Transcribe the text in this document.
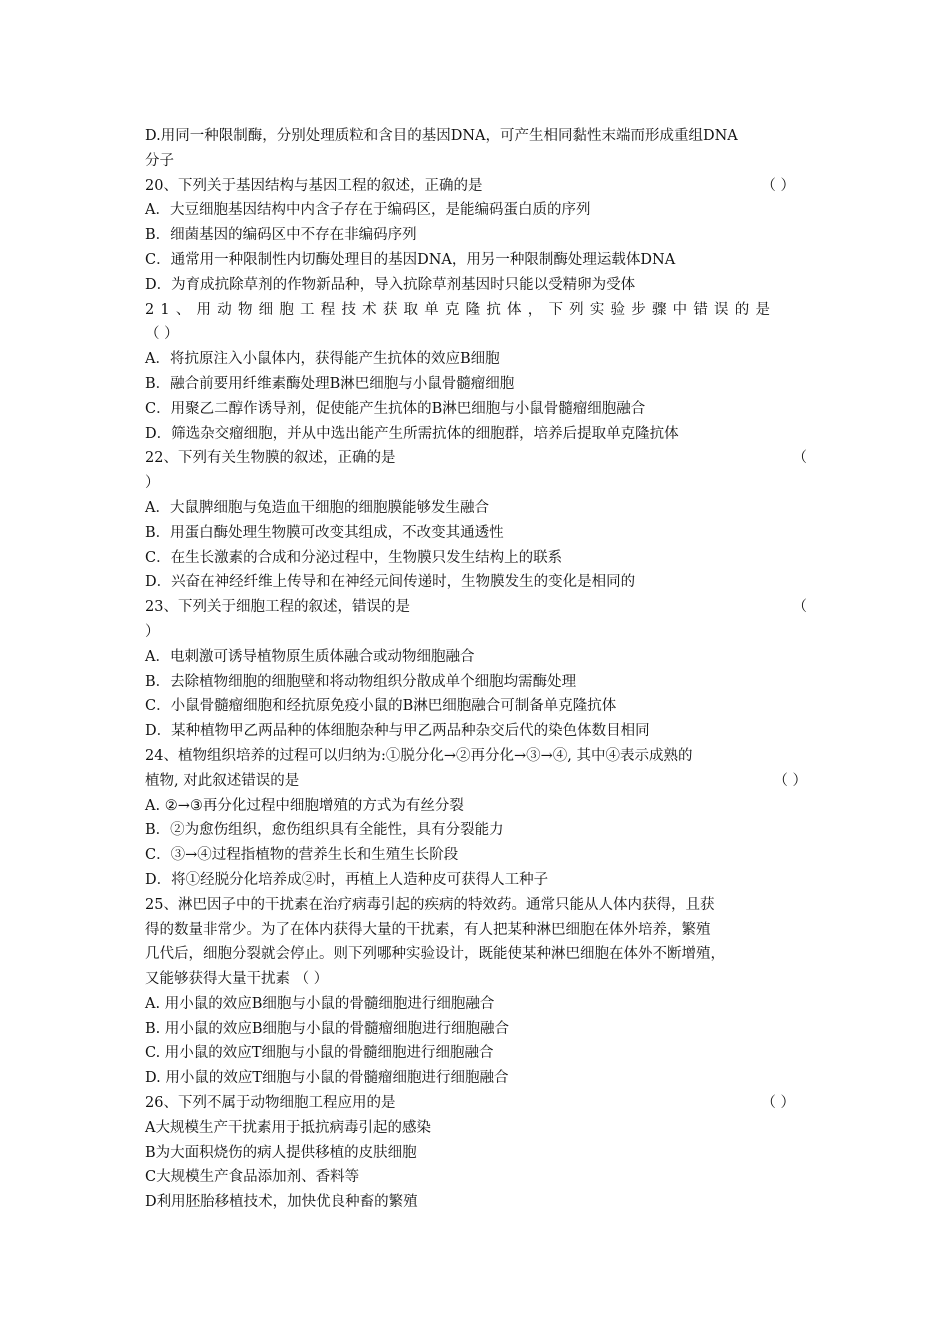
D.用同一种限制酶，分别处理质粒和含目的基因DNA，可产生相同黏性末端而形成重组DNA
分子
20、下列关于基因结构与基因工程的叙述，正确的是	（ ）
A．大豆细胞基因结构中内含子存在于编码区，是能编码蛋白质的序列
B．细菌基因的编码区中不存在非编码序列
C．通常用一种限制性内切酶处理目的基因DNA，用另一种限制酶处理运载体DNA
D．为育成抗除草剂的作物新品种，导入抗除草剂基因时只能以受精卵为受体
21、用动物细胞工程技术获取单克隆抗体，下列实验步骤中错误的是
（ ）
A．将抗原注入小鼠体内，获得能产生抗体的效应B细胞
B．融合前要用纤维素酶处理B淋巴细胞与小鼠骨髓瘤细胞
C．用聚乙二醇作诱导剂，促使能产生抗体的B淋巴细胞与小鼠骨髓瘤细胞融合
D．筛选杂交瘤细胞，并从中选出能产生所需抗体的细胞群，培养后提取单克隆抗体
22、下列有关生物膜的叙述，正确的是	（
）
A．大鼠脾细胞与兔造血干细胞的细胞膜能够发生融合
B．用蛋白酶处理生物膜可改变其组成，不改变其通透性
C．在生长激素的合成和分泌过程中，生物膜只发生结构上的联系
D．兴奋在神经纤维上传导和在神经元间传递时，生物膜发生的变化是相同的
23、下列关于细胞工程的叙述，错误的是	（
）
A．电刺激可诱导植物原生质体融合或动物细胞融合
B．去除植物细胞的细胞壁和将动物组织分散成单个细胞均需酶处理
C．小鼠骨髓瘤细胞和经抗原免疫小鼠的B淋巴细胞融合可制备单克隆抗体
D．某种植物甲乙两品种的体细胞杂种与甲乙两品种杂交后代的染色体数目相同
24、植物组织培养的过程可以归纳为:①脱分化→②再分化→③→④, 其中④表示成熟的
植物, 对此叙述错误的是	（ ）
A. ②→③再分化过程中细胞增殖的方式为有丝分裂
B．②为愈伤组织，愈伤组织具有全能性，具有分裂能力
C．③→④过程指植物的营养生长和生殖生长阶段
D．将①经脱分化培养成②时，再植上人造种皮可获得人工种子
25、淋巴因子中的干扰素在治疗病毒引起的疾病的特效药。通常只能从人体内获得，且获
得的数量非常少。为了在体内获得大量的干扰素，有人把某种淋巴细胞在体外培养，繁殖
几代后，细胞分裂就会停止。则下列哪种实验设计，既能使某种淋巴细胞在体外不断增殖，
又能够获得大量干扰素 （ ）
A. 用小鼠的效应B细胞与小鼠的骨髓细胞进行细胞融合
B. 用小鼠的效应B细胞与小鼠的骨髓瘤细胞进行细胞融合
C. 用小鼠的效应T细胞与小鼠的骨髓细胞进行细胞融合
D. 用小鼠的效应T细胞与小鼠的骨髓瘤细胞进行细胞融合
26、下列不属于动物细胞工程应用的是	（ ）
A大规模生产干扰素用于抵抗病毒引起的感染
B为大面积烧伤的病人提供移植的皮肤细胞
C大规模生产食品添加剂、香料等
D利用胚胎移植技术，加快优良种畜的繁殖
